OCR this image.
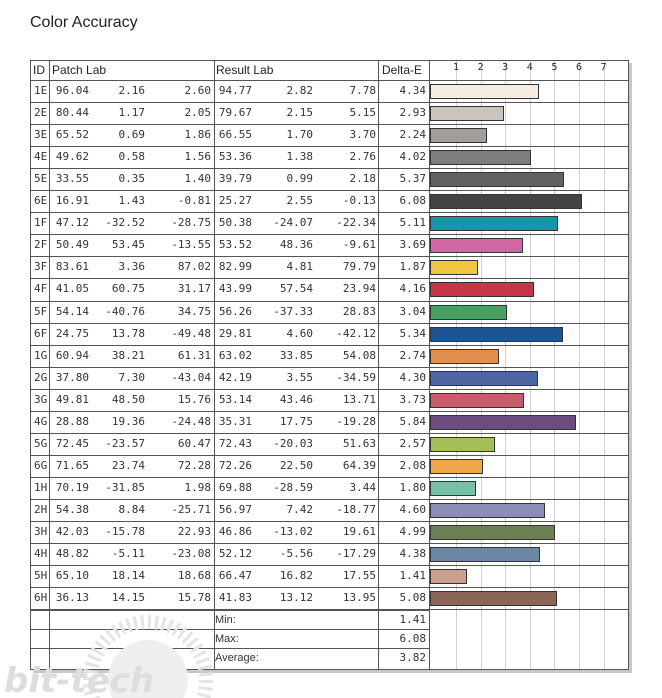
Color Accuracy
ID Patch Lab	Result Lab	Delta-E	1 2 3 4 5 6 7
1E 96.04	2.16	2.60 94.77	2.82	7.78	4.34
2E 80.44	1.17	2.05 79.67	2.15	5.15	2.93
3E 65.52	0.69	1.86 66.55	1.70	3.70	2.24
4E 49.62	0.58	1.56 53.36	1.38	2.76	4.02
5E 33.55	0.35	1.40 39.79	0.99	2.18	5.37
6E 16.91	1.43	-0.81 25.27	2.55	-0.13	6.08
1F 47.12	-32.52	-28.75 50.38	-24.07	-22.34	5.11
2F 50.49	53.45	-13.55 53.52	48.36	-9.61	3.69
3F 83.61	3.36	87.02 82.99	4.81	79.79	1.87
4F 41.05	60.75	31.17 43.99	57.54	23.94	4.16
5F 54.14	-40.76	34.75 56.26	-37.33	28.83	3.04
6F 24.75	13.78	-49.48 29.81	4.60	-42.12	5.34
1G 60.94	38.21	61.31 63.02	33.85	54.08	2.74
2G 37.80	7.30	-43.04 42.19	3.55	-34.59	4.30
3G 49.81	48.50	15.76 53.14	43.46	13.71	3.73
4G 28.88	19.36	-24.48 35.31	17.75	-19.28	5.84
5G 72.45	-23.57	60.47 72.43	-20.03	51.63	2.57
6G 71.65	23.74	72.28 72.26	22.50	64.39	2.08
1H 70.19	-31.85	1.98 69.88	-28.59	3.44	1.80
2H 54.38	8.84	-25.71 56.97	7.42	-18.77	4.60
3H 42.03	-15.78	22.93 46.86	-13.02	19.61	4.99
4H 48.82	-5.11	-23.08 52.12	-5.56	-17.29	4.38
5H 65.10	18.14	18.68 66.47	16.82	17.55	1.41
6H 36.13	14.15	15.78 41.83	13.12	13.95	5.08
Min:	1.41
Max:	6.08
Average:	3.82
bit-tech
